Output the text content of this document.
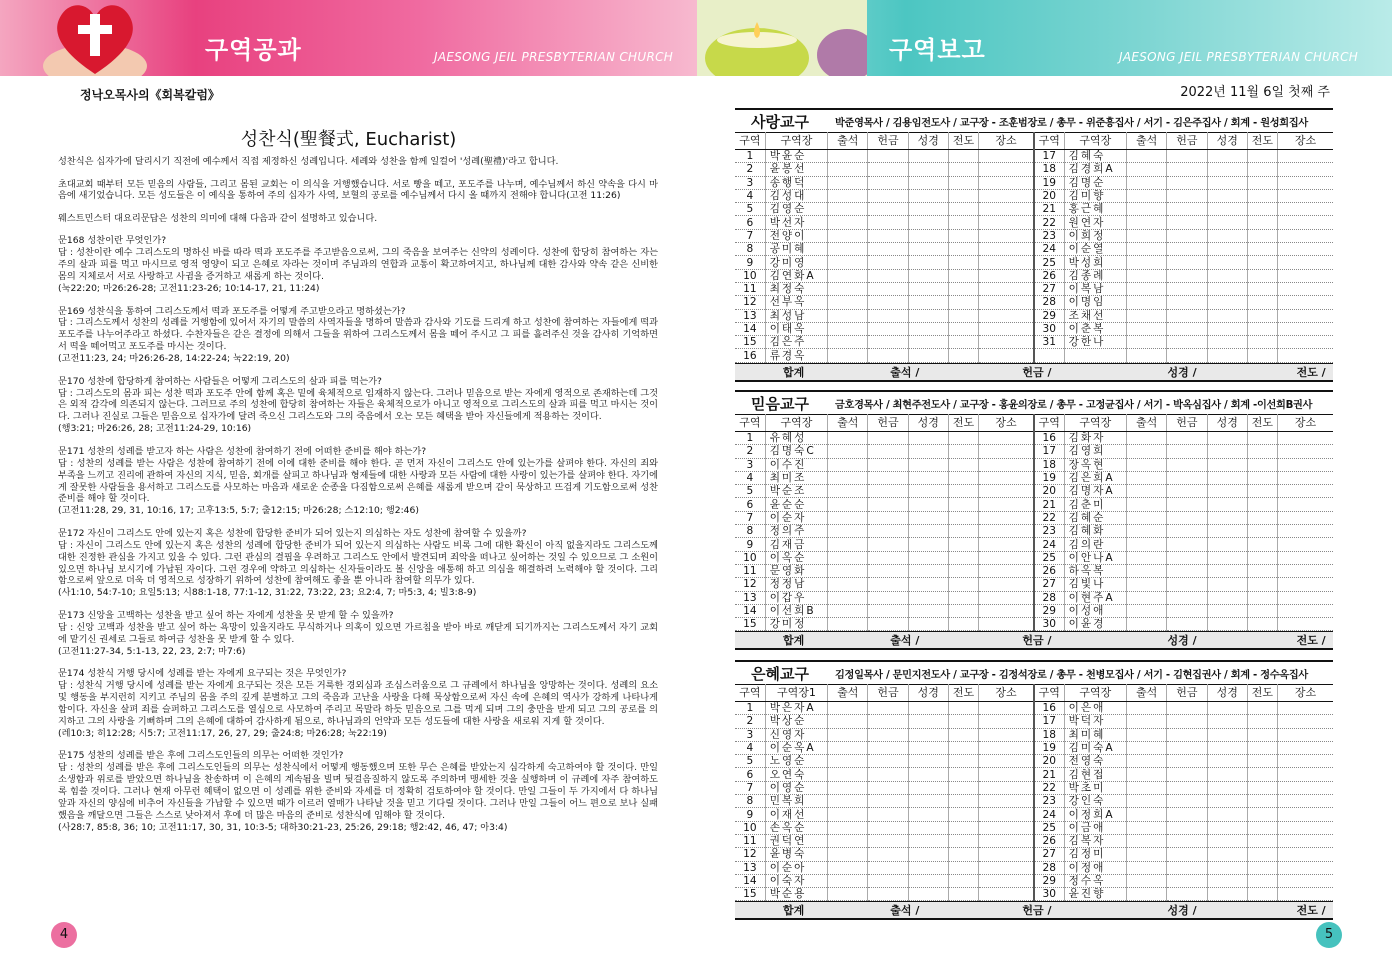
구역공과	JAESONG JEIL PRESBYTERIAN CHURCH	구역보고	JAESONG JEIL PRESBYTERIAN CHURCH
정낙오목사의《회복칼럼》
성찬식(聖餐式, Eucharist)

성찬식은 십자가에 달리시기 직전에 예수께서 직접 제정하신 성례입니다. 세례와 성찬을 함께 일컬어 '성례(聖禮)'라고 합니다.

초대교회 때부터 모든 믿음의 사람들, 그리고 몸된 교회는 이 의식을 거행했습니다. 서로 빵을 떼고, 포도주를 나누며, 예수님께서 하신 약속을 다시 마음에 새기었습니다. 모든 성도들은 이 예식을 통하여 주의 십자가 사역, 보혈의 공로를 예수님께서 다시 올 때까지 전해야 합니다(고전 11:26)

웨스트민스터 대요리문답은 성찬의 의미에 대해 다음과 같이 설명하고 있습니다.

문168 성찬이란 무엇인가?

답 : 성찬이란 예수 그리스도의 명하신 바를 따라 떡과 포도주를 주고받음으로써, 그의 죽음을 보여주는 신약의 성례이다. 성찬에 합당히 참여하는 자는 주의 살과 피를 먹고 마시므로 영적 영양이 되고 은혜로 자라는 것이며 주님과의 연합과 교통이 확고하여지고, 하나님께 대한 감사와 약속 같은 신비한 몸의 지체로서 서로 사랑하고 사귐을 증거하고 새롭게 하는 것이다.

(눅22:20; 마26:26-28; 고전11:23-26; 10:14-17, 21, 11:24)

문169 성찬식을 통하여 그리스도께서 떡과 포도주를 어떻게 주고받으라고 명하셨는가?

답 : 그리스도께서 성찬의 성례를 거행함에 있어서 자기의 말씀의 사역자들을 명하여 말씀과 감사와 기도를 드리게 하고 성찬에 참여하는 자들에게 떡과 포도주를 나누어주라고 하셨다. 수찬자들은 같은 결정에 의해서 그들을 위하여 그리스도께서 몸을 떼어 주시고 그 피를 흘려주신 것을 감사히 기억하면서 떡을 떼어먹고 포도주를 마시는 것이다.

(고전11:23, 24; 마26:26-28, 14:22-24; 눅22:19, 20)

문170 성찬에 합당하게 참여하는 사람들은 어떻게 그리스도의 살과 피를 먹는가?

답 : 그리스도의 몸과 피는 성찬 떡과 포도주 안에 함께 혹은 밑에 육체적으로 임재하지 않는다. 그러나 믿음으로 받는 자에게 영적으로 존재하는데 그것은 외적 감각에 의존되지 않는다. 그러므로 주의 성찬에 합당히 참여하는 자들은 육체적으로가 아니고 영적으로 그리스도의 살과 피를 먹고 마시는 것이다. 그러나 진실로 그들은 믿음으로 십자가에 달려 죽으신 그리스도와 그의 죽음에서 오는 모든 혜택을 받아 자신들에게 적용하는 것이다.

(행3:21; 마26:26, 28; 고전11:24-29, 10:16)

문171 성찬의 성례를 받고자 하는 사람은 성찬에 참여하기 전에 어떠한 준비를 해야 하는가?

답 : 성찬의 성례를 받는 사람은 성찬에 참여하기 전에 이에 대한 준비를 해야 한다. 곧 먼저 자신이 그리스도 안에 있는가를 살펴야 한다. 자신의 죄와 부족을 느끼고 진리에 관하여 자신의 지식, 믿음, 회개를 살피고 하나님과 형제들에 대한 사랑과 모든 사람에 대한 사랑이 있는가를 살펴야 한다. 자기에게 잘못한 사람들을 용서하고 그리스도를 사모하는 마음과 새로운 순종을 다짐함으로써 은혜를 새롭게 받으며 같이 묵상하고 뜨겁게 기도함으로써 성찬 준비를 해야 할 것이다.

(고전11:28, 29, 31, 10:16, 17; 고후13:5, 5:7; 출12:15; 마26:28; 스12:10; 행2:46)

문172 자신이 그리스도 안에 있는지 혹은 성찬에 합당한 준비가 되어 있는지 의심하는 자도 성찬에 참여할 수 있을까?

답 : 자신이 그리스도 안에 있는지 혹은 성찬의 성례에 합당한 준비가 되어 있는지 의심하는 사람도 비록 그에 대한 확신이 아직 없을지라도 그리스도께 대한 진정한 관심을 가지고 있을 수 있다. 그런 관심의 결핍을 우려하고 그리스도 안에서 발견되며 죄악을 떠나고 싶어하는 것일 수 있으므로 그 소원이 있으면 하나님 보시기에 가납된 자이다. 그런 경우에 약하고 의심하는 신자들이라도 볼 신앙을 애통해 하고 의심을 해결하려 노력해야 할 것이다. 그리함으로써 앞으로 더욱 더 영적으로 성장하기 위하여 성찬에 참여해도 좋을 뿐 아니라 참여할 의무가 있다.

(사1:10, 54:7-10; 요일5:13; 시88:1-18, 77:1-12, 31:22, 73:22, 23; 요2:4, 7; 마5:3, 4; 빌3:8-9)

문173 신앙을 고백하는 성찬을 받고 싶어 하는 자에게 성찬을 못 받게 할 수 있을까?

답 : 신앙 고백과 성찬을 받고 싶어 하는 욕망이 있을지라도 무식하거나 의혹이 있으면 가르침을 받아 바로 깨닫게 되기까지는 그리스도께서 자기 교회에 맡기신 권세로 그들로 하여금 성찬을 못 받게 할 수 있다.

(고전11:27-34, 5:1-13, 22, 23, 2:7; 마7:6)

문174 성찬식 거행 당시에 성례를 받는 자에게 요구되는 것은 무엇인가?

답 : 성찬식 거행 당시에 성례를 받는 자에게 요구되는 것은 모든 거룩한 경외심과 조심스러움으로 그 규례에서 하나님을 앙망하는 것이다. 성례의 요소 및 행동을 부지런히 지키고 주님의 몸을 주의 깊게 분별하고 그의 죽음과 고난을 사랑을 다해 묵상함으로써 자신 속에 은혜의 역사가 강하게 나타나게 함이다. 자신을 살펴 죄를 슬퍼하고 그리스도를 열심으로 사모하여 주리고 목말라 하듯 믿음으로 그를 먹게 되며 그의 충만을 받게 되고 그의 공로를 의지하고 그의 사랑을 기뻐하며 그의 은혜에 대하여 감사하게 됨으로, 하나님과의 언약과 모든 성도들에 대한 사랑을 새로워 지게 할 것이다.

(레10:3; 히12:28; 시5:7; 고전11:17, 26, 27, 29; 출24:8; 마26:28; 눅22:19)

문175 성찬의 성례를 받은 후에 그리스도인들의 의무는 어떠한 것인가?

답 : 성찬의 성례를 받은 후에 그리스도인들의 의무는 성찬식에서 어떻게 행동했으며 또한 무슨 은혜를 받았는지 심각하게 숙고하여야 할 것이다. 만일 소생함과 위로를 받았으면 하나님을 찬송하며 이 은혜의 계속됨을 빌며 뒷걸음질하지 않도록 주의하며 맹세한 것을 실행하며 이 규례에 자주 참여하도록 힘쓸 것이다. 그러나 현재 아무런 혜택이 없으면 이 성례를 위한 준비와 자세를 더 정확히 검토하여야 할 것이다. 만일 그들이 두 가지에서 다 하나님 앞과 자신의 양심에 비추어 자신들을 가납할 수 있으면 때가 이르러 열매가 나타날 것을 믿고 기다릴 것이다. 그러나 만일 그들이 어느 편으로 보나 실패했음을 깨달으면 그들은 스스로 낮아져서 후에 더 많은 마음의 준비로 성찬식에 임해야 할 것이다.

(사28:7, 85:8, 36; 10; 고전11:17, 30, 31, 10:3-5; 대하30:21-23, 25:26, 29:18; 행2:42, 46, 47; 아3:4)

4
2022년 11월 6일 첫째 주
사랑교구	박준영목사 / 김용임전도사 / 교구장 - 조훈범장로 / 총무 - 위준흥집사 / 서기 - 김은주집사 / 회계 - 원성희집사
구역	구역장	출석	헌금	성경	전도	장소	구역	구역장	출석	헌금	성경	전도	장소
1	박윤순						17	김혜숙					
2	윤봉선						18	김경희A					
3	송행덕						19	김명순					
4	김성대						20	김미향					
5	김영순						21	홍근혜					
6	박선자						22	원연자					
7	전양이						23	이희정					
8	공미혜						24	이순열					
9	강미영						25	박성희					
10	김연화A						26	김종례					
11	최정숙						27	이복남					
12	선부옥						28	이명임					
13	최성남						29	조채선					
14	이태옥						30	이춘복					
15	김은주						31	강한나					
16	류경옥												
합계	출석 /	헌금 /	성경 /	전도 /
믿음교구	금호경목사 / 최현주전도사 / 교구장 - 홍윤의장로 / 총무 - 고정균집사 / 서기 - 박옥심집사 / 회계 -이선희B권사
구역	구역장	출석	헌금	성경	전도	장소	구역	구역장	출석	헌금	성경	전도	장소
1	유혜성						16	김화자					
2	김명숙C						17	김영희					
3	이수진						18	장옥현					
4	최미조						19	김은희A					
5	박순조						20	김명자A					
6	윤순순						21	김춘미					
7	이순자						22	김혜순					
8	정의주						23	김혜화					
9	김재금						24	김의란					
10	이옥순						25	이안나A					
11	문영화						26	하옥복					
12	정정남						27	김빛나					
13	이갑우						28	이현주A					
14	이선희B						29	이성애					
15	강미정						30	이윤경					
합계	출석 /	헌금 /	성경 /	전도 /
은혜교구	김정일목사 / 문민지전도사 / 교구장 - 김정석장로 / 총무 - 천병모집사 / 서기 - 김현집권사 / 회계 - 정수옥집사
구역	구역장1	출석	헌금	성경	전도	장소	구역	구역장	출석	헌금	성경	전도	장소
1	박은자A						16	이은애					
2	박상순						17	박덕자					
3	신영자						18	최미혜					
4	이순옥A						19	김미숙A					
5	노영순						20	전영숙					
6	오연숙						21	김현접					
7	이영순						22	박초미					
8	민복희						23	강인숙					
9	이재선						24	이정희A					
10	손옥순						25	이금애					
11	권덕연						26	김복자					
12	윤병숙						27	김정미					
13	이순아						28	이정애					
14	이숙자						29	정수옥					
15	박순용						30	윤진향					
합계	출석 /	헌금 /	성경 /	전도 /
5
